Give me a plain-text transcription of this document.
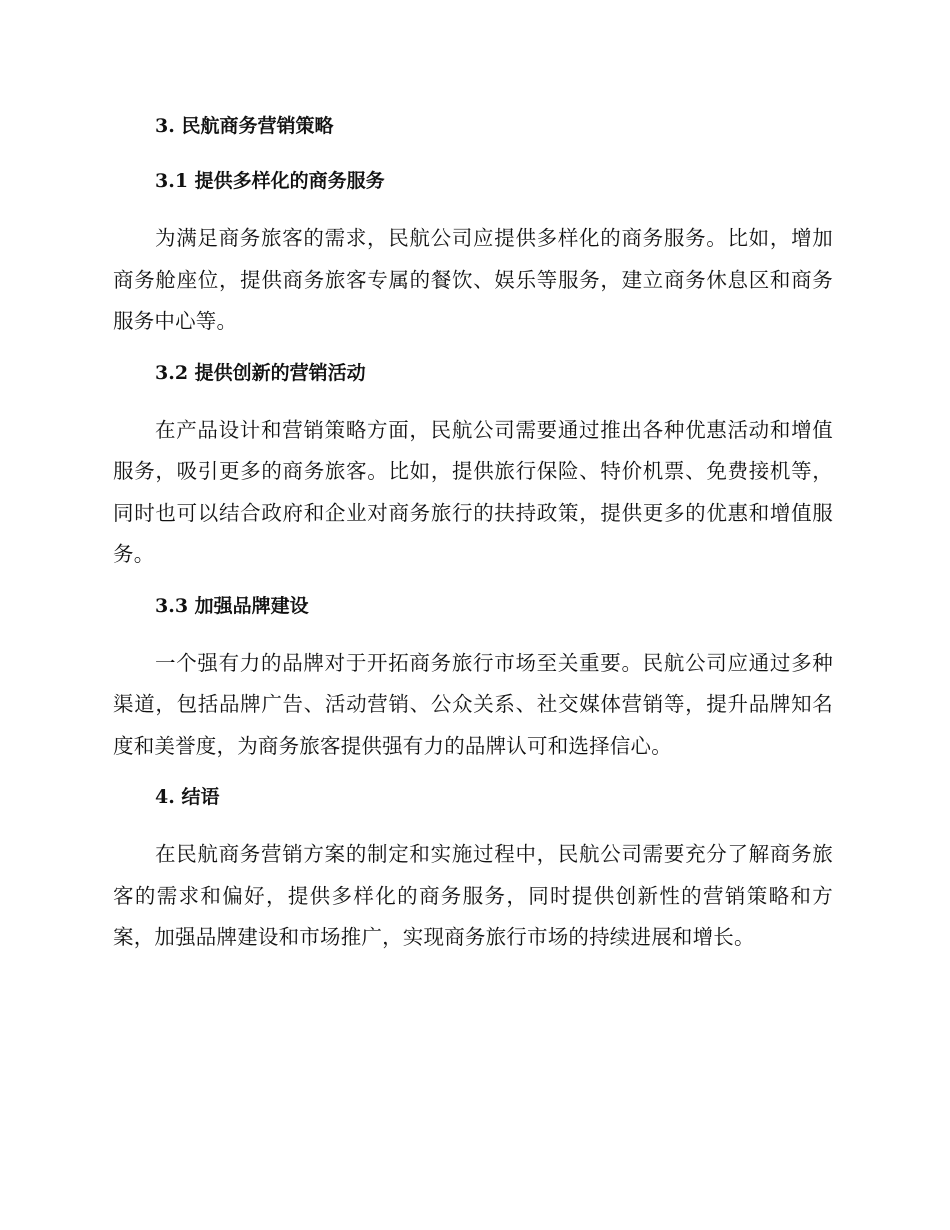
3. 民航商务营销策略
3.1 提供多样化的商务服务

为满足商务旅客的需求，民航公司应提供多样化的商务服务。比如，增加商务舱座位，提供商务旅客专属的餐饮、娱乐等服务，建立商务休息区和商务服务中心等。

3.2 提供创新的营销活动

在产品设计和营销策略方面，民航公司需要通过推出各种优惠活动和增值服务，吸引更多的商务旅客。比如，提供旅行保险、特价机票、免费接机等，同时也可以结合政府和企业对商务旅行的扶持政策，提供更多的优惠和增值服务。

3.3 加强品牌建设

一个强有力的品牌对于开拓商务旅行市场至关重要。民航公司应通过多种渠道，包括品牌广告、活动营销、公众关系、社交媒体营销等，提升品牌知名度和美誉度，为商务旅客提供强有力的品牌认可和选择信心。

4. 结语

在民航商务营销方案的制定和实施过程中，民航公司需要充分了解商务旅客的需求和偏好，提供多样化的商务服务，同时提供创新性的营销策略和方案，加强品牌建设和市场推广，实现商务旅行市场的持续进展和增长。
